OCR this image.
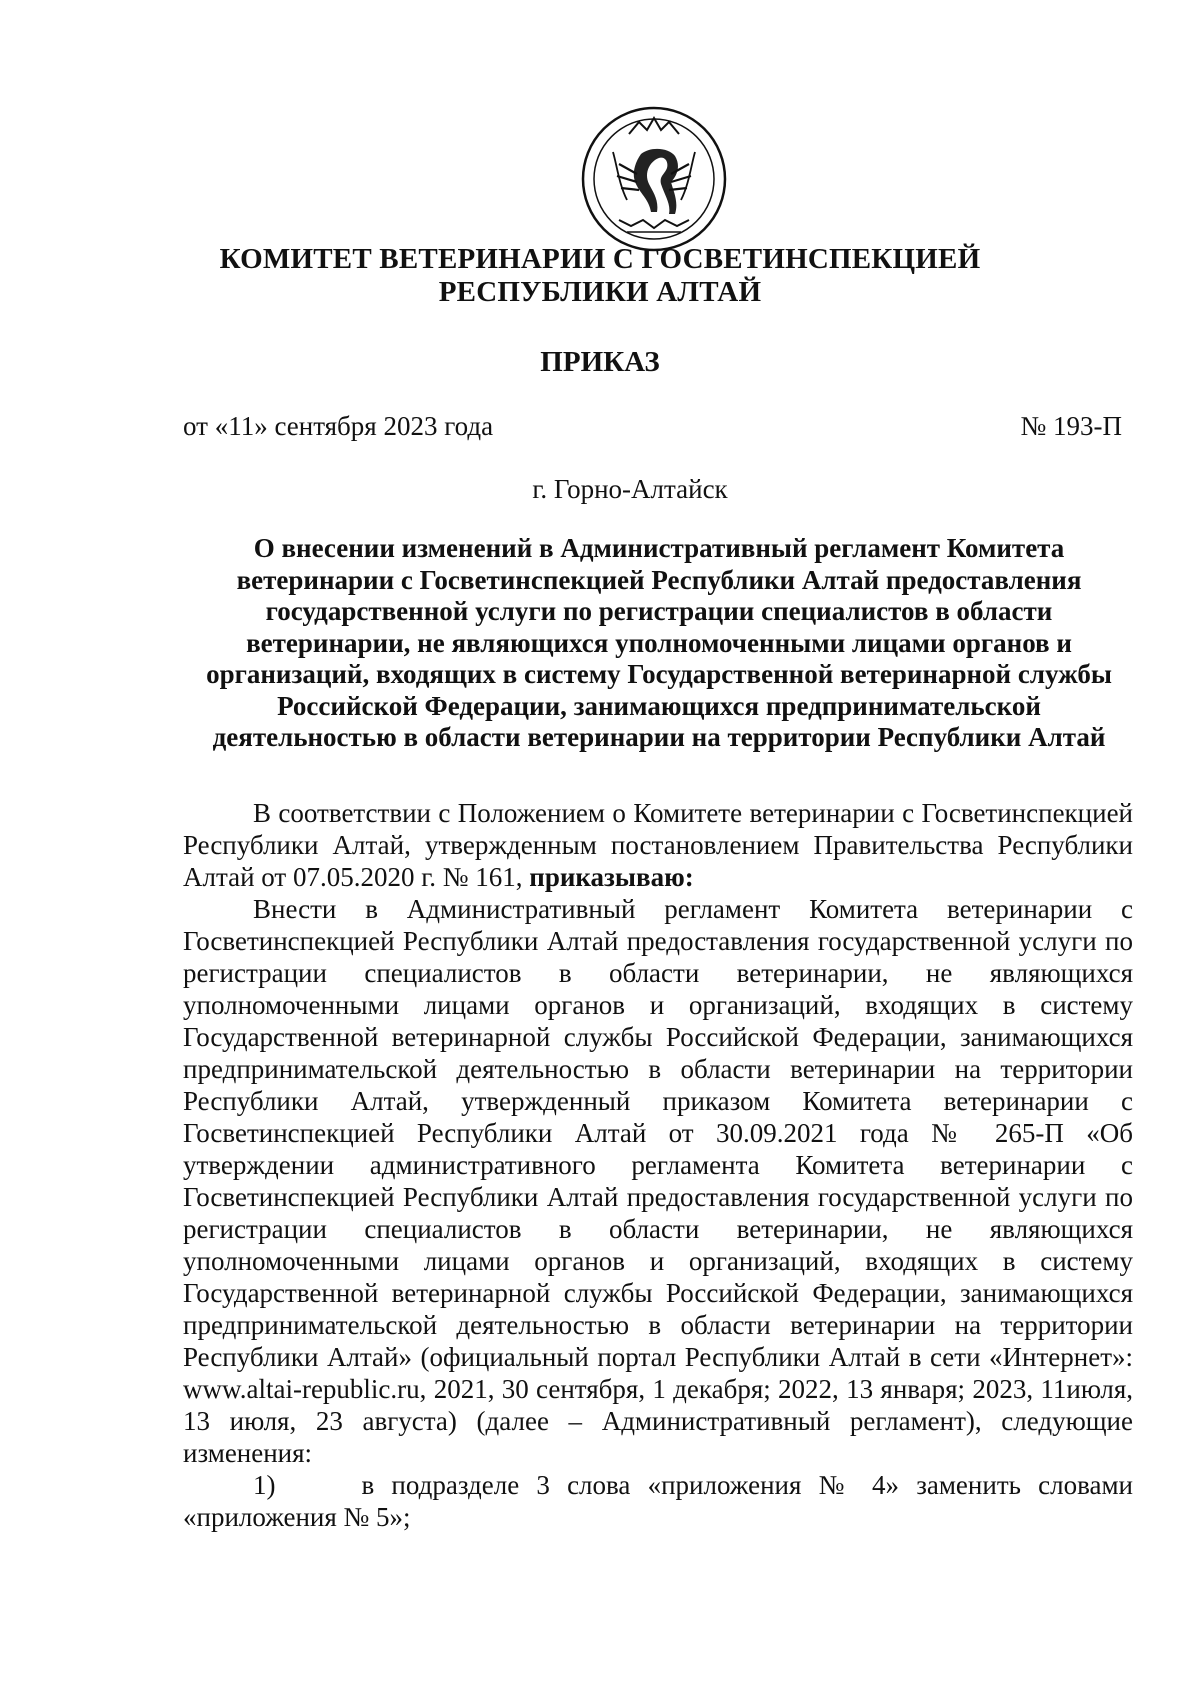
КОМИТЕТ ВЕТЕРИНАРИИ С ГОСВЕТИНСПЕКЦИЕЙ
РЕСПУБЛИКИ АЛТАЙ
ПРИКАЗ
от «11» сентября 2023 года	№ 193-П
г. Горно-Алтайск
О внесении изменений в Административный регламент Комитета ветеринарии с Госветинспекцией Республики Алтай предоставления государственной услуги по регистрации специалистов в области ветеринарии, не являющихся уполномоченными лицами органов и организаций, входящих в систему Государственной ветеринарной службы Российской Федерации, занимающихся предпринимательской деятельностью в области ветеринарии на территории Республики Алтай

В соответствии с Положением о Комитете ветеринарии с Госветинспекцией Республики Алтай, утвержденным постановлением Правительства Республики Алтай от 07.05.2020 г. № 161, приказываю:

Внести в Административный регламент Комитета ветеринарии с Госветинспекцией Республики Алтай предоставления государственной услуги по регистрации специалистов в области ветеринарии, не являющихся уполномоченными лицами органов и организаций, входящих в систему Государственной ветеринарной службы Российской Федерации, занимающихся предпринимательской деятельностью в области ветеринарии на территории Республики Алтай, утвержденный приказом Комитета ветеринарии с Госветинспекцией Республики Алтай от 30.09.2021 года № 265-П «Об утверждении административного регламента Комитета ветеринарии с Госветинспекцией Республики Алтай предоставления государственной услуги по регистрации специалистов в области ветеринарии, не являющихся уполномоченными лицами органов и организаций, входящих в систему Государственной ветеринарной службы Российской Федерации, занимающихся предпринимательской деятельностью в области ветеринарии на территории Республики Алтай» (официальный портал Республики Алтай в сети «Интернет»: www.altai-republic.ru, 2021, 30 сентября, 1 декабря; 2022, 13 января; 2023, 11июля, 13 июля, 23 августа) (далее – Административный регламент), следующие изменения:

1)	в подразделе 3 слова «приложения № 4» заменить словами «приложения № 5»;
